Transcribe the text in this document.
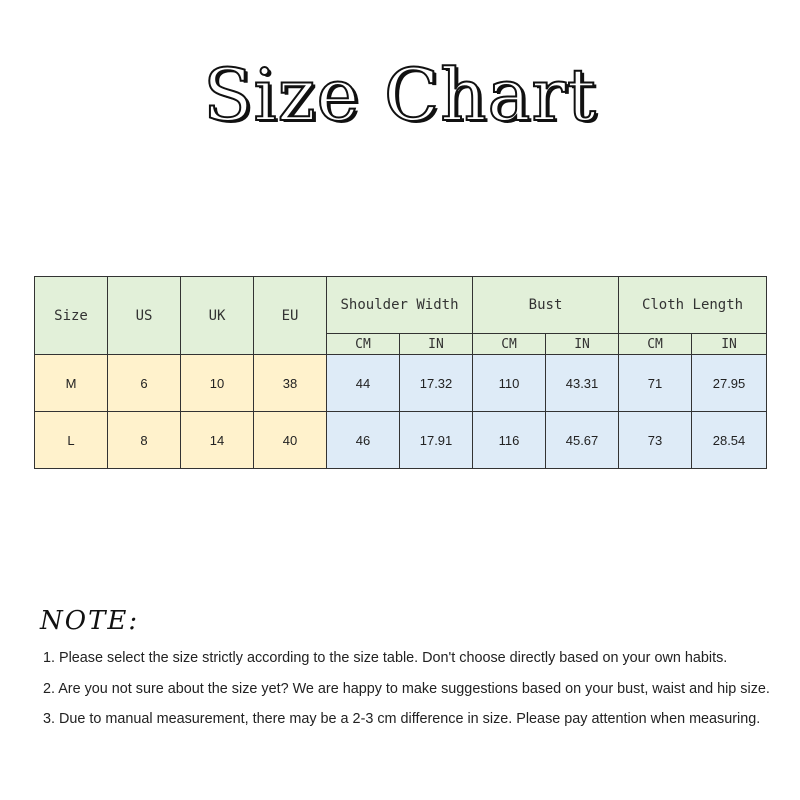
Size Chart
Size	US	UK	EU	Shoulder Width		Bust		Cloth Length	
				CM	IN	CM	IN	CM	IN
M	6	10	38	44	17.32	110	43.31	71	27.95
L	8	14	40	46	17.91	116	45.67	73	28.54
NOTE:
1. Please select the size strictly according to the size table. Don't choose directly based on your own habits.
2. Are you not sure about the size yet? We are happy to make suggestions based on your bust, waist and hip size.
3. Due to manual measurement, there may be a 2-3 cm difference in size. Please pay attention when measuring.
